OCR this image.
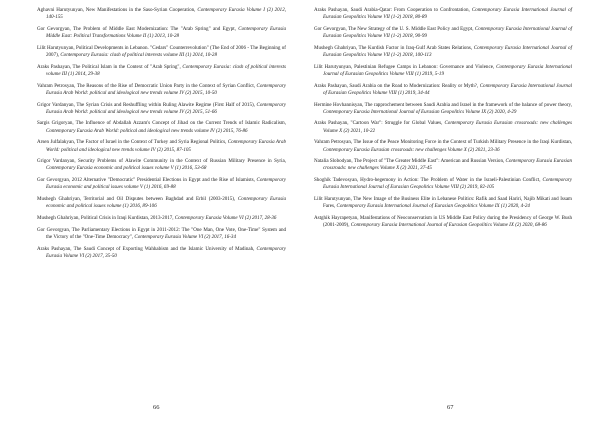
Aghavni Harutyunyan, New Manifestations in the Saso-Syrian Cooperation, Contemporary Eurasia Volume I (2) 2012, 140-155

Gor Gevorgyan, The Problem of Middle East Modernization: The "Arab Spring" and Egypt, Contemporary Eurasia Middle East: Political Transformations Volume II (1) 2013, 10-28

Lilit Harutyunyan, Political Developments in Lebanon. "Cedars" Counterrevolution" (The End of 2006 - The Beginning of 2007), Contemporary Eurasia: clash of political interests volume III (1) 2014, 10-28

Araks Pashayan, The Political Islam in the Context of "Arab Spring", Contemporary Eurasia: clash of political interests volume III (1) 2014, 29-38

Vahram Petrosyan, The Reasons of the Rise of Democratic Union Party in the Context of Syrian Conflict, Contemporary Eurasia Arab World: political and ideological new trends volume IV (2) 2015, 10-50

Grigor Vardanyan, The Syrian Crisis and Reshuffling within Ruling Alawite Regime (First Half of 2015), Contemporary Eurasia Arab World: political and ideological new trends volume IV (2) 2015, 51-66

Sargis Grigoryan, The Influence of Abdallah Azzam's Concept of Jihad on the Current Trends of Islamic Radicalism, Contemporary Eurasia Arab World: political and ideological new trends volume IV (2) 2015, 76-86

Arsen Julfalakyan, The Factor of Israel in the Context of Turkey and Syria Regional Politics, Contemporary Eurasia Arab World: political and ideological new trends volume IV (2) 2015, 87-105

Grigor Vardanyan, Security Problems of Alawite Community in the Context of Russian Military Presence in Syria, Contemporary Eurasia economic and political issues volume V (1) 2016, 53-68

Gor Gevorgyan, 2012 Alternative "Democratic" Presidential Elections in Egypt and the Rise of Islamists, Contemporary Eurasia economic and political issues volume V (1) 2016, 69-88

Mushegh Ghahriyan, Territorial and Oil Disputes between Baghdad and Erbil (2003-2015), Contemporary Eurasia economic and political issues volume (1) 2016, 89-106

Mushegh Ghahriyan, Political Crisis in Iraqi Kurdistan, 2013-2017, Contemporary Eurasia Volume VI (2) 2017, 28-36

Gor Gevorgyan, The Parliamentary Elections in Egypt in 2011-2012: The "One Man, One Vote, One-Time" System and the Victory of the "One-Time Democracy", Contemporary Eurasia Volume VI (2) 2017, 16-34

Araks Pashayan, The Saudi Concept of Exporting Wahhabism and the Islamic University of Madinah, Contemporary Eurasia Volume VI (2) 2017, 35-50

66

Araks Pashayan, Saudi Arabia-Qatar: From Cooperation to Confrontation, Contemporary Eurasia International Journal of Eurasian Geopolitics Volume VII (1-2) 2018, 80-89

Gor Gevorgyan, The New Strategy of the U. S. Middle East Policy and Egypt, Contemporary Eurasia International Journal of Eurasian Geopolitics Volume VII (1-2) 2018, 90-99

Mushegh Ghahriyan, The Kurdish Factor in Iraq-Gulf Arab States Relations, Contemporary Eurasia International Journal of Eurasian Geopolitics Volume VII (1-2) 2018, 100-113

Lilit Harutyunyan, Palestinian Refugee Camps in Lebanon: Governance and Violence, Contemporary Eurasia International Journal of Eurasian Geopolitics Volume VIII (1) 2019, 5-19

Araks Pashayan, Saudi Arabia on the Road to Modernization: Reality or Myth?, Contemporary Eurasia International Journal of Eurasian Geopolitics Volume VIII (1) 2019, 34-44

Hermine Hovhannisyan, The rapprochement between Saudi Arabia and Israel in the framework of the balance of power theory, Contemporary Eurasia International Journal of Eurasian Geopolitics Volume IX (2) 2020, 4-29

Araks Pashayan, "Cartoon War": Struggle for Global Values, Contemporary Eurasia Eurasian crossroads: new challenges Volume X (2) 2021, 10-22

Vahram Petrosyan, The Issue of the Peace Monitoring Force in the Context of Turkish Military Presence in the Iraqi Kurdistan, Contemporary Eurasia Eurasian crossroads: new challenges Volume X (2) 2021, 23-36

Natalia Slobodyan, The Project of "The Greater Middle East": American and Russian Version, Contemporary Eurasia Eurasian crossroads: new challenges Volume X (2) 2021, 37-45

Shoghik Tadevosyan, Hydro-hegemony in Action: The Problem of Water in the Israeli-Palestinian Conflict, Contemporary Eurasia International Journal of Eurasian Geopolitics Volume VIII (2) 2019, 82-105

Lilit Harutyunyan, The New Image of the Business Elite in Lebanese Politics: Rafik and Saad Hariri, Najib Mikati and Issam Fares, Contemporary Eurasia International Journal of Eurasian Geopolitics Volume IX (1) 2020, 4-24

Astghik Hayrapetyan, Manifestations of Neoconservatism in US Middle East Policy during the Presidency of George W. Bush (2001-2009), Contemporary Eurasia International Journal of Eurasian Geopolitics Volume IX (2) 2020, 68-86

67
